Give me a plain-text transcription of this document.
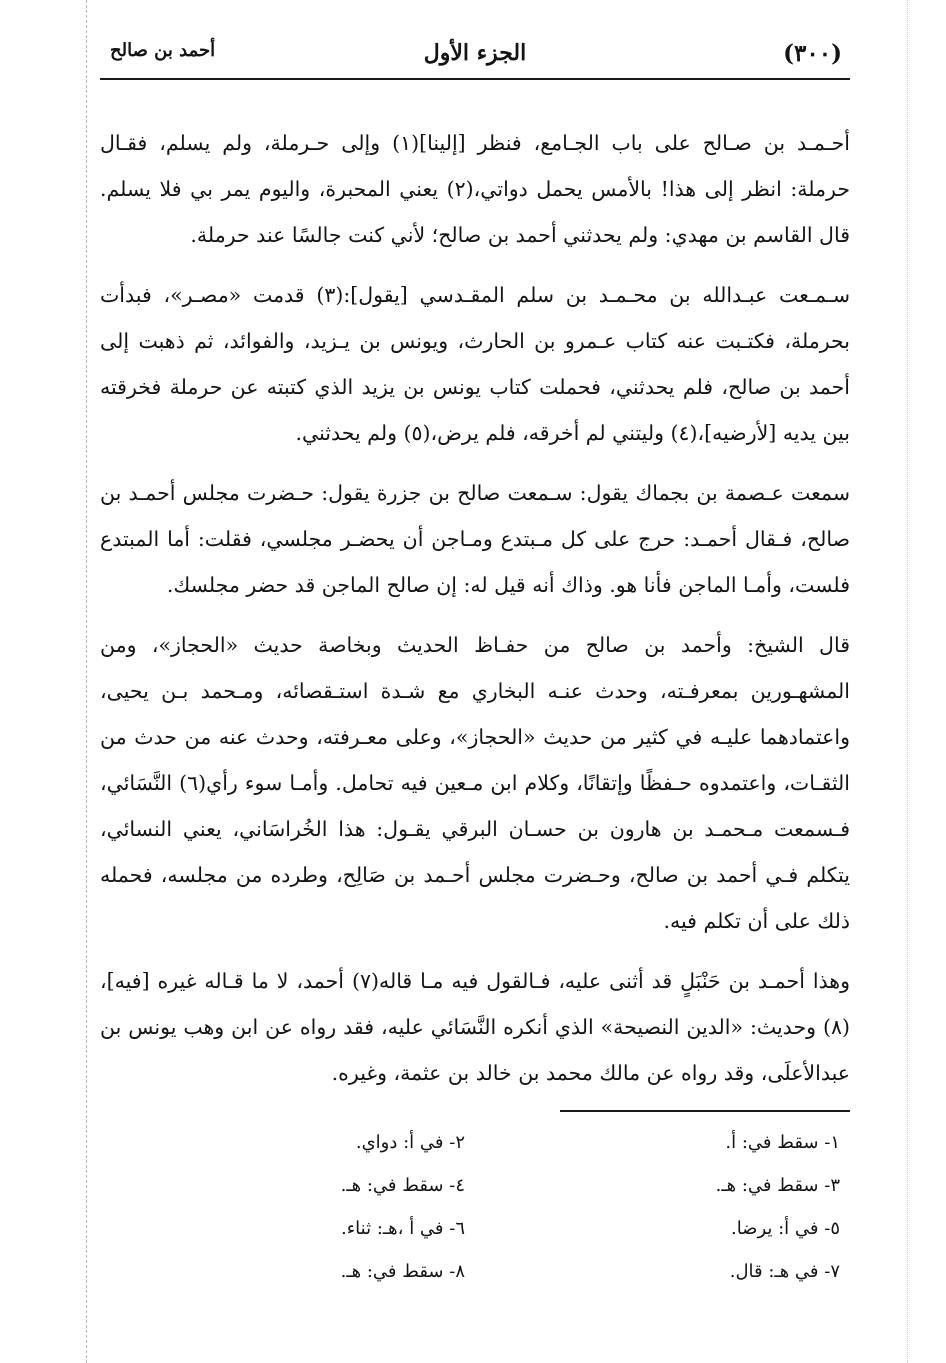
(٣٠٠)
الجزء الأول
أحمد بن صالح

أحـمـد بن صـالح على باب الجـامع، فنظر [إلينا](١) وإلى حـرملة، ولم يسلم، فقـال حرملة: انظر إلى هذا! بالأمس يحمل دواتي،(٢) يعني المحبرة، واليوم يمر بي فلا يسلم. قال القاسم بن مهدي: ولم يحدثني أحمد بن صالح؛ لأني كنت جالسًا عند حرملة.

سـمـعت عبـدالله بن محـمـد بن سلم المقـدسي [يقول]:(٣) قدمت «مصـر»، فبدأت بحرملة، فكتـبت عنه كتاب عـمرو بن الحارث، ويونس بن يـزيد، والفوائد، ثم ذهبت إلى أحمد بن صالح، فلم يحدثني، فحملت كتاب يونس بن يزيد الذي كتبته عن حرملة فخرقته بين يديه [لأرضيه]،(٤) وليتني لم أخرقه، فلم يرض،(٥) ولم يحدثني.

سمعت عـصمة بن بجماك يقول: سـمعت صالح بن جزرة يقول: حـضرت مجلس أحمـد بن صالح، فـقال أحمـد: حرج على كل مـبتدع ومـاجن أن يحضـر مجلسي، فقلت: أما المبتدع فلست، وأمـا الماجن فأنا هو. وذاك أنه قيل له: إن صالح الماجن قد حضر مجلسك.

قال الشيخ: وأحمد بن صالح من حفـاظ الحديث وبخاصة حديث «الحجاز»، ومن المشهـورين بمعرفـته، وحدث عنـه البخاري مع شـدة استـقصائه، ومـحمد بـن يحيى، واعتمادهما عليـه في كثير من حديث «الحجاز»، وعلى معـرفته، وحدث عنه من حدث من الثقـات، واعتمدوه حـفظًا وإتقانًا، وكلام ابن مـعين فيه تحامل. وأمـا سوء رأي(٦) النَّسَائي، فـسمعت مـحمـد بن هارون بن حسـان البرقي يقـول: هذا الخُراسَاني، يعني النسائي، يتكلم فـي أحمد بن صالح، وحـضرت مجلس أحـمد بن صَالِح، وطرده من مجلسه، فحمله ذلك على أن تكلم فيه.

وهذا أحمـد بن حَنْبَلٍ قد أثنى عليه، فـالقول فيه مـا قاله(٧) أحمد، لا ما قـاله غيره [فيه]،(٨) وحديث: «الدين النصيحة» الذي أنكره النَّسَائي عليه، فقد رواه عن ابن وهب يونس بن عبدالأعلَى، وقد رواه عن مالك محمد بن خالد بن عثمة، وغيره.

١- سقط في: أ.
٢- في أ: دواي.
٣- سقط في: هـ.
٤- سقط في: هـ.
٥- في أ: يرضا.
٦- في أ ،هـ: ثناء.
٧- في هـ: قال.
٨- سقط في: هـ.
